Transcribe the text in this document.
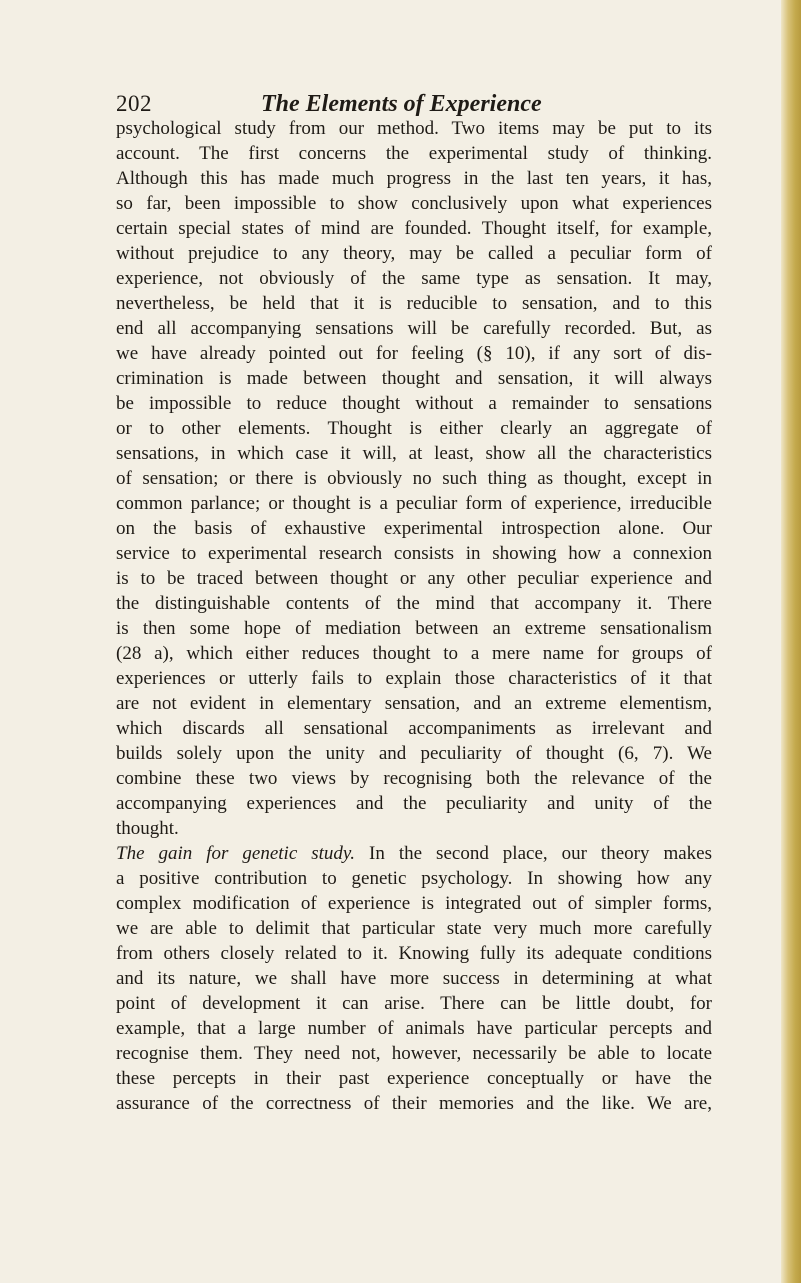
202	The Elements of Experience
psychological study from our method. Two items may be put to its
account. The first concerns the experimental study of thinking.
Although this has made much progress in the last ten years, it has,
so far, been impossible to show conclusively upon what experiences
certain special states of mind are founded. Thought itself, for example,
without prejudice to any theory, may be called a peculiar form of
experience, not obviously of the same type as sensation. It may,
nevertheless, be held that it is reducible to sensation, and to this
end all accompanying sensations will be carefully recorded. But, as
we have already pointed out for feeling (§ 10), if any sort of dis-
crimination is made between thought and sensation, it will always
be impossible to reduce thought without a remainder to sensations
or to other elements. Thought is either clearly an aggregate of
sensations, in which case it will, at least, show all the characteristics
of sensation; or there is obviously no such thing as thought, except in
common parlance; or thought is a peculiar form of experience, irreducible
on the basis of exhaustive experimental introspection alone. Our
service to experimental research consists in showing how a connexion
is to be traced between thought or any other peculiar experience and
the distinguishable contents of the mind that accompany it. There
is then some hope of mediation between an extreme sensationalism
(28 a), which either reduces thought to a mere name for groups of
experiences or utterly fails to explain those characteristics of it that
are not evident in elementary sensation, and an extreme elementism,
which discards all sensational accompaniments as irrelevant and
builds solely upon the unity and peculiarity of thought (6, 7). We
combine these two views by recognising both the relevance of the
accompanying experiences and the peculiarity and unity of the
thought.
The gain for genetic study. In the second place, our theory makes
a positive contribution to genetic psychology. In showing how any
complex modification of experience is integrated out of simpler forms,
we are able to delimit that particular state very much more carefully
from others closely related to it. Knowing fully its adequate conditions
and its nature, we shall have more success in determining at what
point of development it can arise. There can be little doubt, for
example, that a large number of animals have particular percepts and
recognise them. They need not, however, necessarily be able to locate
these percepts in their past experience conceptually or have the
assurance of the correctness of their memories and the like. We are,
